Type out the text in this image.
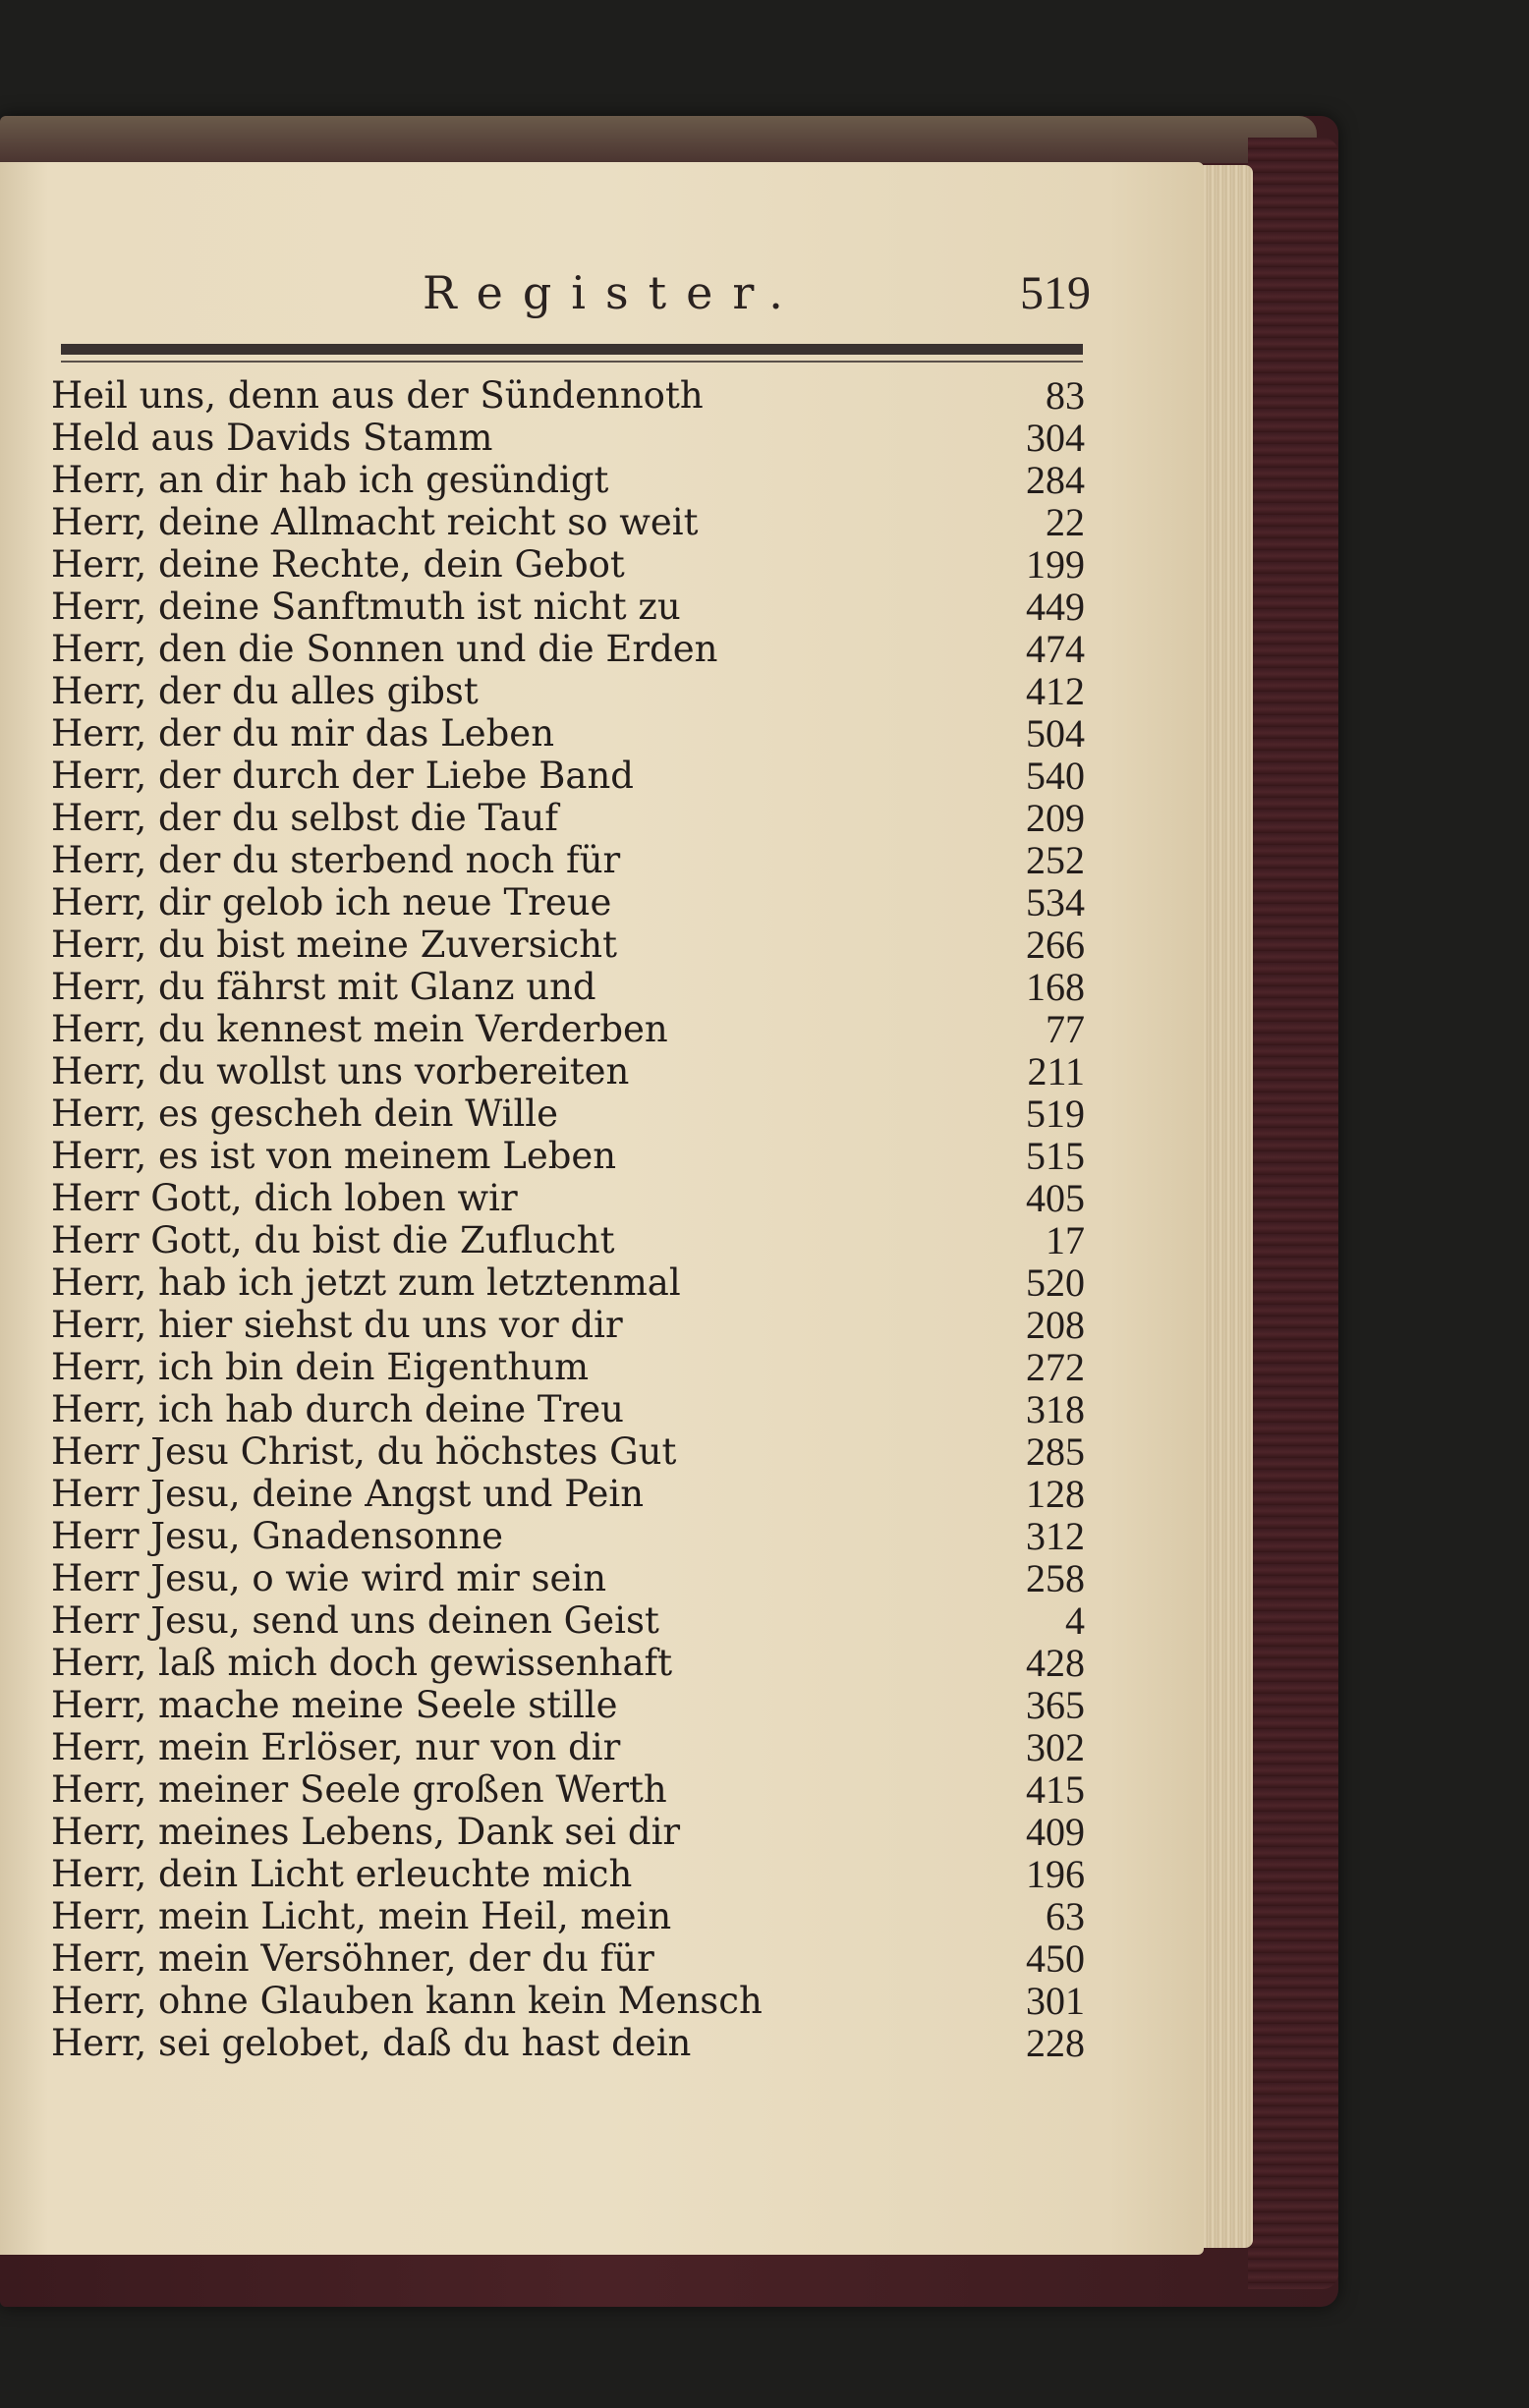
Register.	519
Heil uns, denn aus der Sündennoth	83
Held aus Davids Stamm	304
Herr, an dir hab ich gesündigt	284
Herr, deine Allmacht reicht so weit	22
Herr, deine Rechte, dein Gebot	199
Herr, deine Sanftmuth ist nicht zu	449
Herr, den die Sonnen und die Erden	474
Herr, der du alles gibst	412
Herr, der du mir das Leben	504
Herr, der durch der Liebe Band	540
Herr, der du selbst die Tauf	209
Herr, der du sterbend noch für	252
Herr, dir gelob ich neue Treue	534
Herr, du bist meine Zuversicht	266
Herr, du fährst mit Glanz und	168
Herr, du kennest mein Verderben	77
Herr, du wollst uns vorbereiten	211
Herr, es gescheh dein Wille	519
Herr, es ist von meinem Leben	515
Herr Gott, dich loben wir	405
Herr Gott, du bist die Zuflucht	17
Herr, hab ich jetzt zum letztenmal	520
Herr, hier siehst du uns vor dir	208
Herr, ich bin dein Eigenthum	272
Herr, ich hab durch deine Treu	318
Herr Jesu Christ, du höchstes Gut	285
Herr Jesu, deine Angst und Pein	128
Herr Jesu, Gnadensonne	312
Herr Jesu, o wie wird mir sein	258
Herr Jesu, send uns deinen Geist	4
Herr, laß mich doch gewissenhaft	428
Herr, mache meine Seele stille	365
Herr, mein Erlöser, nur von dir	302
Herr, meiner Seele großen Werth	415
Herr, meines Lebens, Dank sei dir	409
Herr, dein Licht erleuchte mich	196
Herr, mein Licht, mein Heil, mein	63
Herr, mein Versöhner, der du für	450
Herr, ohne Glauben kann kein Mensch	301
Herr, sei gelobet, daß du hast dein	228
